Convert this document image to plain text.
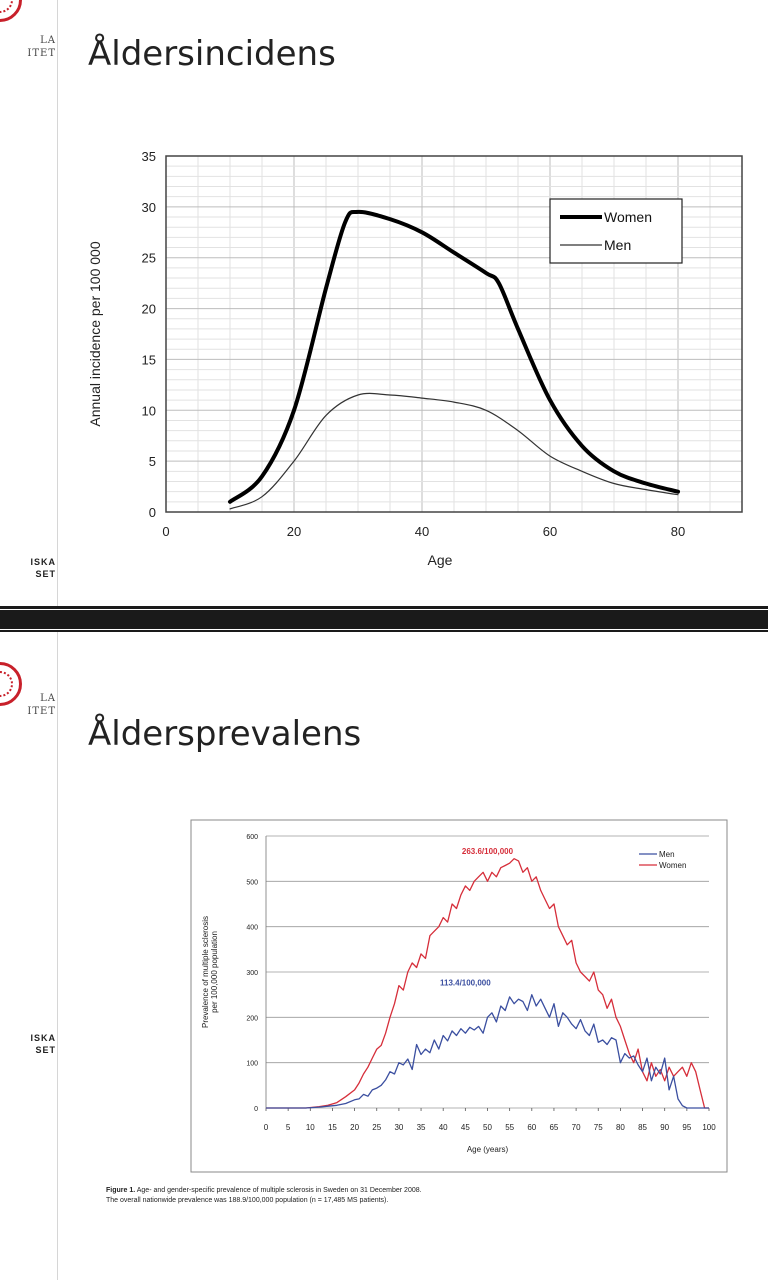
LA
ITET Åldersincidens
0
5
10
15
20
25
30
35
0	20	40	60	80
Age
Annual incidence per 100 000
Women
Men
ISKA
SET
LA
ITET
Åldersprevalens
ISKA
SET
0
100
200
300
400
500
600
0 5 10 15 20 25 30 35 40 45 50 55 60 65 70 75 80 85 90 95 100
Age (years)
Prevalence of multiple sclerosis per 100,000 population
263.6/100,000
113.4/100,000
Men
Women
Figure 1. Age- and gender-specific prevalence of multiple sclerosis in Sweden on 31 December 2008.
The overall nationwide prevalence was 188.9/100,000 population (n = 17,485 MS patients).
